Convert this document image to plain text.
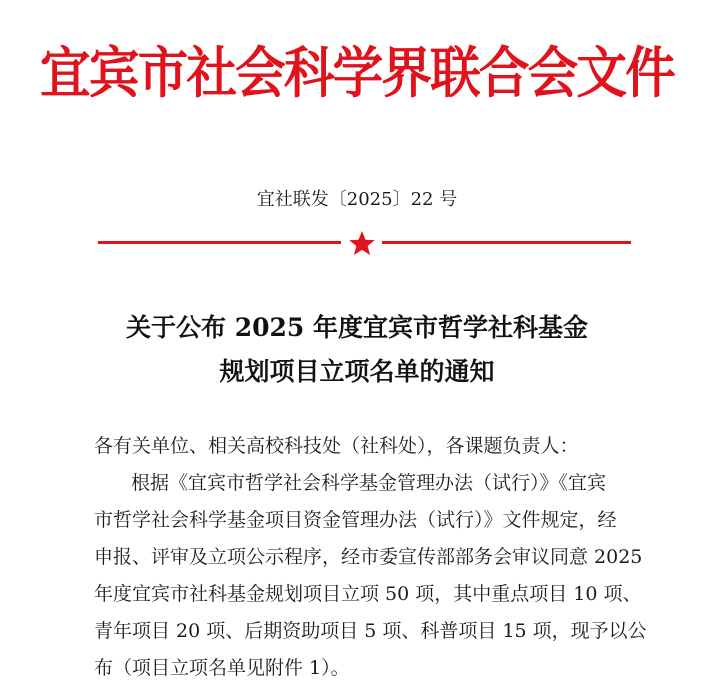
宜宾市社会科学界联合会文件
宜社联发〔2025〕22 号
关于公布 2025 年度宜宾市哲学社科基金
规划项目立项名单的通知
各有关单位、相关高校科技处（社科处），各课题负责人：
根据《宜宾市哲学社会科学基金管理办法（试行）》《宜宾
市哲学社会科学基金项目资金管理办法（试行）》文件规定，经
申报、评审及立项公示程序，经市委宣传部部务会审议同意 2025
年度宜宾市社科基金规划项目立项 50 项，其中重点项目 10 项、
青年项目 20 项、后期资助项目 5 项、科普项目 15 项，现予以公
布（项目立项名单见附件 1）。
